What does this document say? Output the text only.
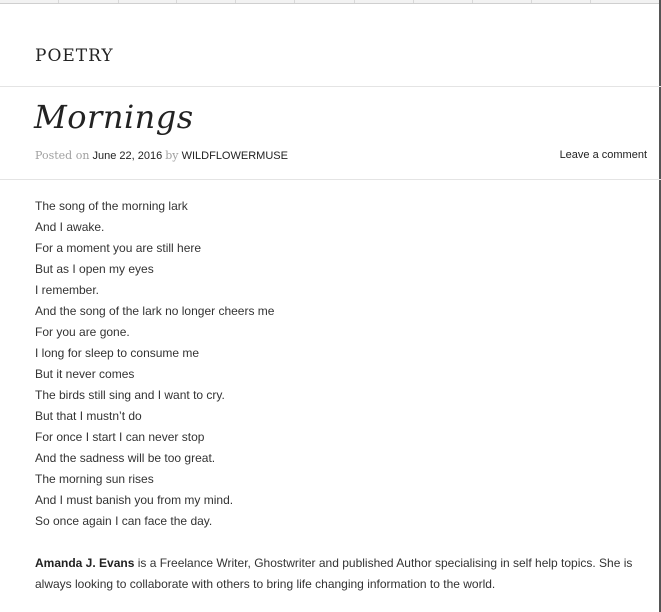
POETRY
Mornings
Posted on June 22, 2016 by WILDFLOWERMUSE	Leave a comment
The song of the morning lark
And I awake.
For a moment you are still here
But as I open my eyes
I remember.
And the song of the lark no longer cheers me
For you are gone.
I long for sleep to consume me
But it never comes
The birds still sing and I want to cry.
But that I mustn’t do
For once I start I can never stop
And the sadness will be too great.
The morning sun rises
And I must banish you from my mind.
So once again I can face the day.

Amanda J. Evans is a Freelance Writer, Ghostwriter and published Author specialising in self help topics. She is always looking to collaborate with others to bring life changing information to the world.
